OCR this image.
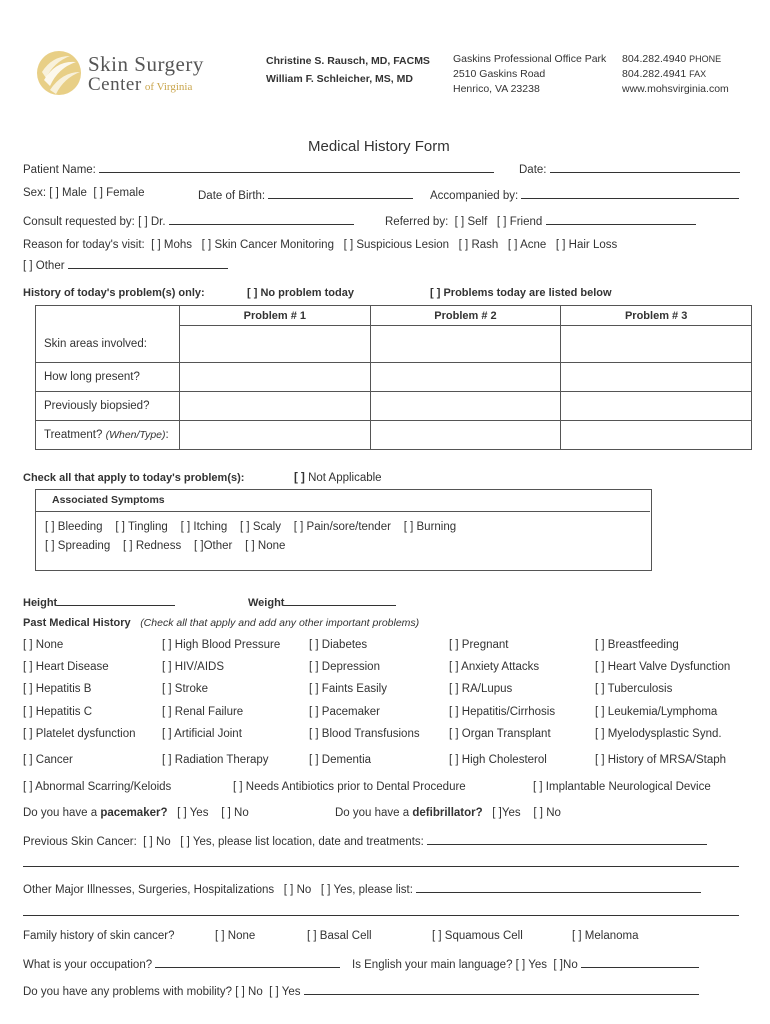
Skin Surgery
Center of Virginia
Christine S. Rausch, MD, FACMS
William F. Schleicher, MS, MD
Gaskins Professional Office Park
2510 Gaskins Road
Henrico, VA 23238
804.282.4940 PHONE
804.282.4941 FAX
www.mohsvirginia.com
Medical History Form
Patient Name:	Date:
Sex: [ ] Male [ ] Female	Date of Birth:	Accompanied by:
Consult requested by: [ ] Dr.	Referred by: [ ] Self [ ] Friend
Reason for today's visit: [ ] Mohs [ ] Skin Cancer Monitoring [ ] Suspicious Lesion [ ] Rash [ ] Acne [ ] Hair Loss
[ ] Other
History of today's problem(s) only:	[ ] No problem today	[ ] Problems today are listed below
	Problem # 1	Problem # 2	Problem # 3
Skin areas involved:			
How long present?			
Previously biopsied?			
Treatment? (When/Type):			
Check all that apply to today's problem(s):	[ ] Not Applicable
Associated Symptoms
[ ] Bleeding [ ] Tingling [ ] Itching [ ] Scaly [ ] Pain/sore/tender [ ] Burning
[ ] Spreading [ ] Redness [ ]Other [ ] None
Height	Weight
Past Medical History (Check all that apply and add any other important problems)
[ ] None	[ ] High Blood Pressure [ ] Diabetes	[ ] Pregnant	[ ] Breastfeeding
[ ] Heart Disease	[ ] HIV/AIDS	[ ] Depression	[ ] Anxiety Attacks	[ ] Heart Valve Dysfunction
[ ] Hepatitis B	[ ] Stroke	[ ] Faints Easily	[ ] RA/Lupus	[ ] Tuberculosis
[ ] Hepatitis C	[ ] Renal Failure	[ ] Pacemaker	[ ] Hepatitis/Cirrhosis	[ ] Leukemia/Lymphoma
[ ] Platelet dysfunction [ ] Artificial Joint	[ ] Blood Transfusions	[ ] Organ Transplant	[ ] Myelodysplastic Synd.
[ ] Cancer	[ ] Radiation Therapy	[ ] Dementia	[ ] High Cholesterol	[ ] History of MRSA/Staph
[ ] Abnormal Scarring/Keloids	[ ] Needs Antibiotics prior to Dental Procedure	[ ] Implantable Neurological Device
Do you have a pacemaker? [ ] Yes [ ] No	Do you have a defibrillator? [ ]Yes [ ] No
Previous Skin Cancer: [ ] No [ ] Yes, please list location, date and treatments:
Other Major Illnesses, Surgeries, Hospitalizations [ ] No [ ] Yes, please list:
Family history of skin cancer?	[ ] None	[ ] Basal Cell	[ ] Squamous Cell	[ ] Melanoma
What is your occupation?	Is English your main language? [ ] Yes [ ]No
Do you have any problems with mobility? [ ] No [ ] Yes
